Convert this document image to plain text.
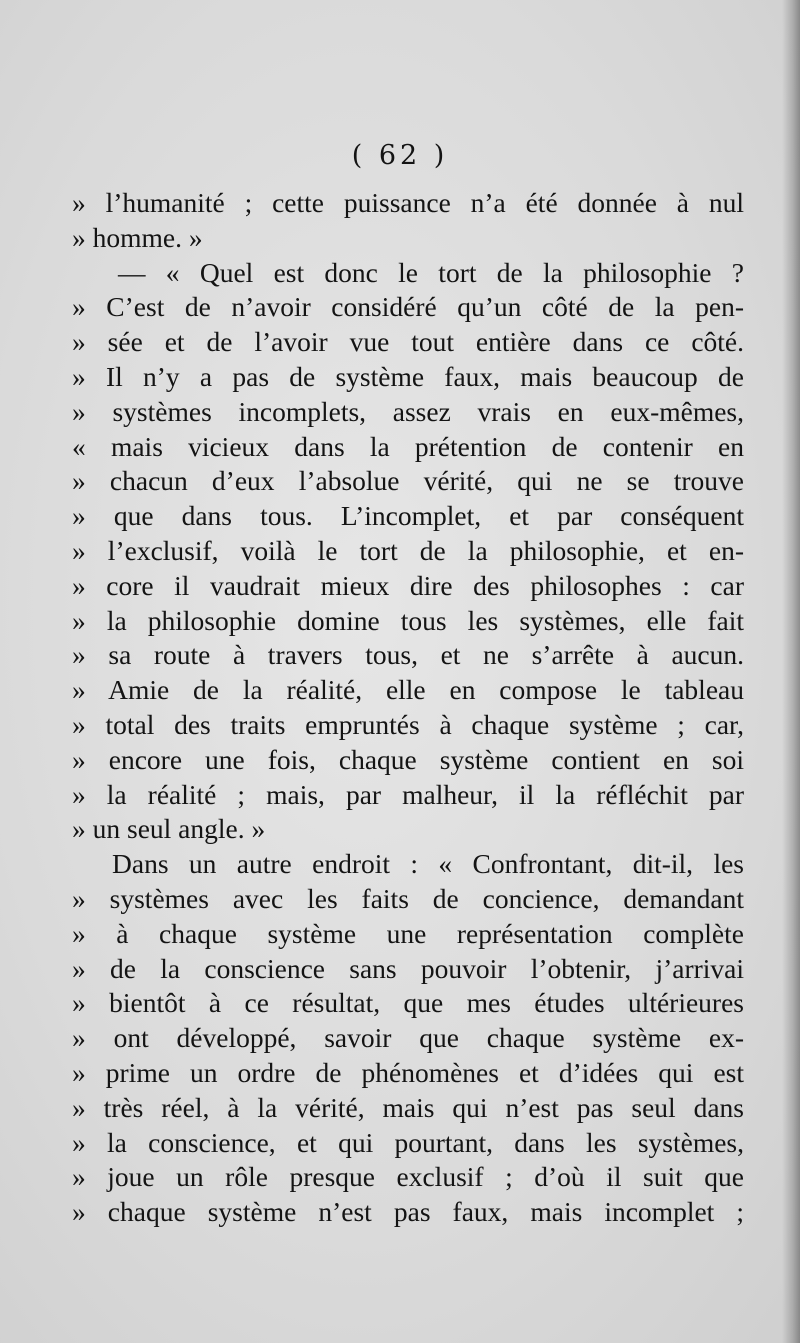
( 62 )
» l’humanité ; cette puissance n’a été donnée à nul
» homme. »
— « Quel est donc le tort de la philosophie ?
» C’est de n’avoir considéré qu’un côté de la pen-
» sée et de l’avoir vue tout entière dans ce côté.
» Il n’y a pas de système faux, mais beaucoup de
» systèmes incomplets, assez vrais en eux-mêmes,
« mais vicieux dans la prétention de contenir en
» chacun d’eux l’absolue vérité, qui ne se trouve
» que dans tous. L’incomplet, et par conséquent
» l’exclusif, voilà le tort de la philosophie, et en-
» core il vaudrait mieux dire des philosophes : car
» la philosophie domine tous les systèmes, elle fait
» sa route à travers tous, et ne s’arrête à aucun.
» Amie de la réalité, elle en compose le tableau
» total des traits empruntés à chaque système ; car,
» encore une fois, chaque système contient en soi
» la réalité ; mais, par malheur, il la réfléchit par
» un seul angle. »
Dans un autre endroit : « Confrontant, dit-il, les
» systèmes avec les faits de concience, demandant
» à chaque système une représentation complète
» de la conscience sans pouvoir l’obtenir, j’arrivai
» bientôt à ce résultat, que mes études ultérieures
» ont développé, savoir que chaque système ex-
» prime un ordre de phénomènes et d’idées qui est
» très réel, à la vérité, mais qui n’est pas seul dans
» la conscience, et qui pourtant, dans les systèmes,
» joue un rôle presque exclusif ; d’où il suit que
» chaque système n’est pas faux, mais incomplet ;
